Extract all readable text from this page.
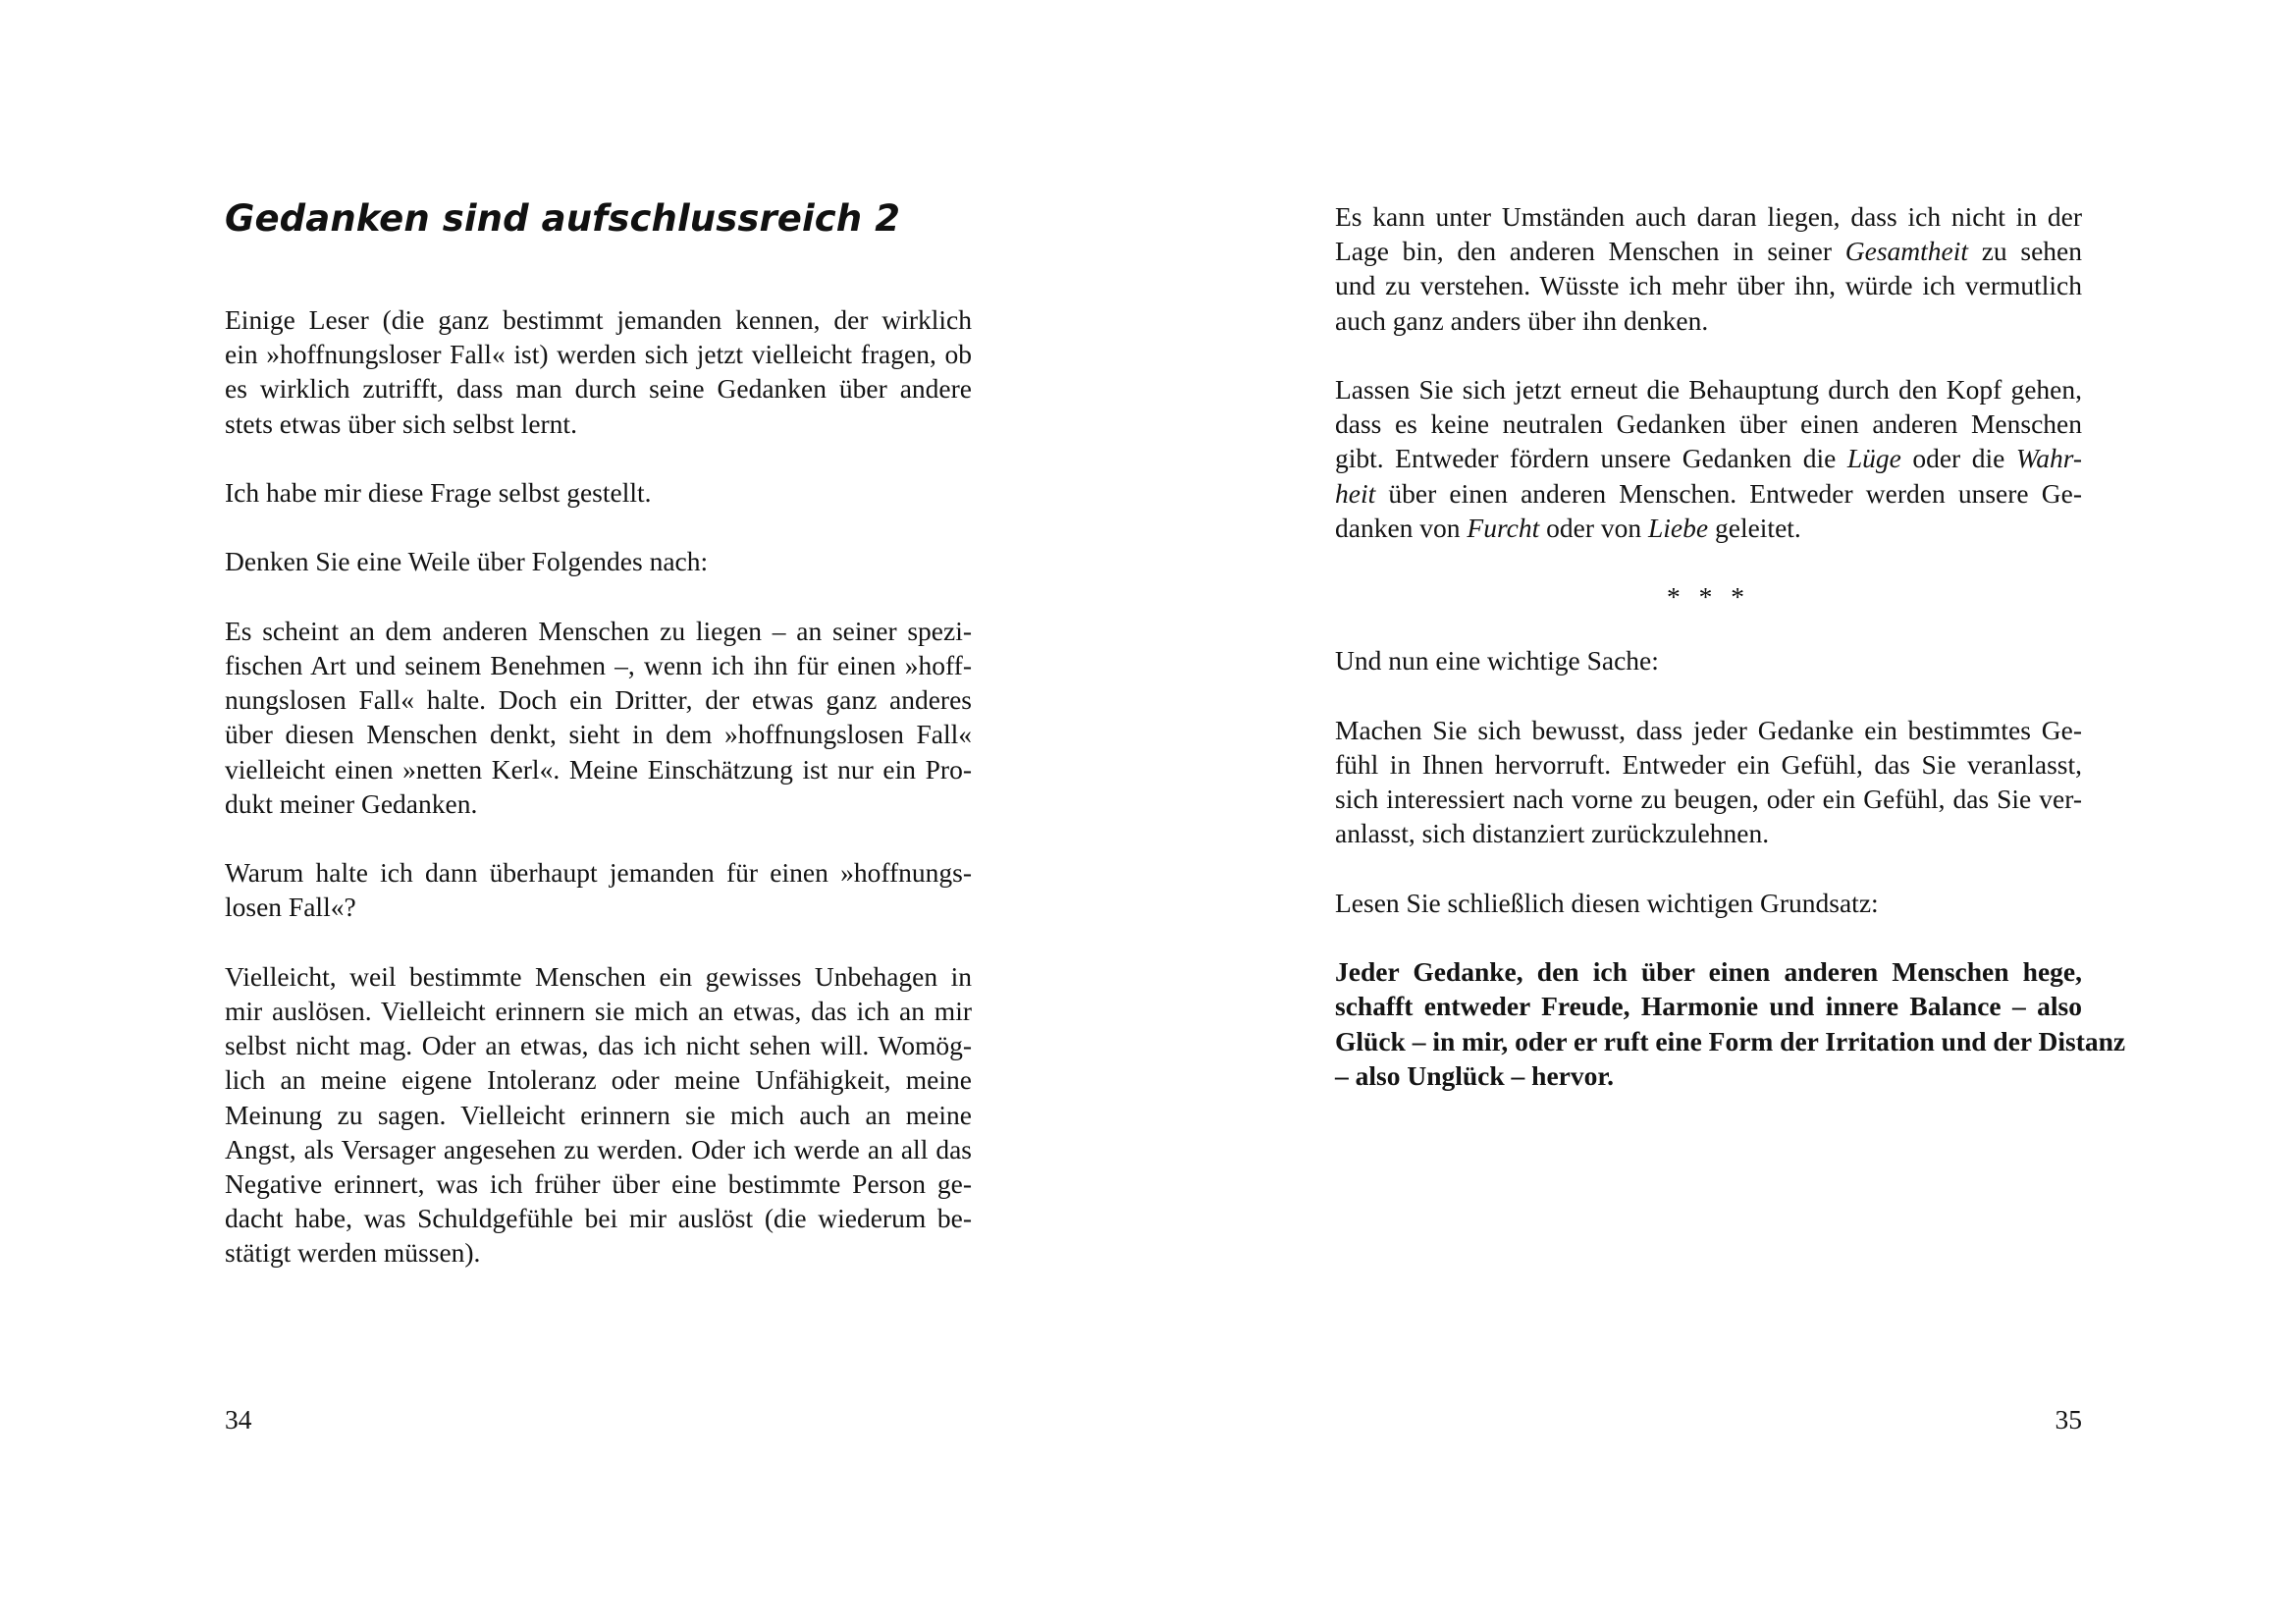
Gedanken sind aufschlussreich 2

Einige Leser (die ganz bestimmt jemanden kennen, der wirklich
ein »hoffnungsloser Fall« ist) werden sich jetzt vielleicht fragen, ob
es wirklich zutrifft, dass man durch seine Gedanken über andere
stets etwas über sich selbst lernt.

Ich habe mir diese Frage selbst gestellt.

Denken Sie eine Weile über Folgendes nach:

Es scheint an dem anderen Menschen zu liegen – an seiner spezi-
fischen Art und seinem Benehmen –, wenn ich ihn für einen »hoff-
nungslosen Fall« halte. Doch ein Dritter, der etwas ganz anderes
über diesen Menschen denkt, sieht in dem »hoffnungslosen Fall«
vielleicht einen »netten Kerl«. Meine Einschätzung ist nur ein Pro-
dukt meiner Gedanken.

Warum halte ich dann überhaupt jemanden für einen »hoffnungs-
losen Fall«?

Vielleicht, weil bestimmte Menschen ein gewisses Unbehagen in
mir auslösen. Vielleicht erinnern sie mich an etwas, das ich an mir
selbst nicht mag. Oder an etwas, das ich nicht sehen will. Womög-
lich an meine eigene Intoleranz oder meine Unfähigkeit, meine
Meinung zu sagen. Vielleicht erinnern sie mich auch an meine
Angst, als Versager angesehen zu werden. Oder ich werde an all das
Negative erinnert, was ich früher über eine bestimmte Person ge-
dacht habe, was Schuldgefühle bei mir auslöst (die wiederum be-
stätigt werden müssen).

34

Es kann unter Umständen auch daran liegen, dass ich nicht in der
Lage bin, den anderen Menschen in seiner Gesamtheit zu sehen
und zu verstehen. Wüsste ich mehr über ihn, würde ich vermutlich
auch ganz anders über ihn denken.

Lassen Sie sich jetzt erneut die Behauptung durch den Kopf gehen,
dass es keine neutralen Gedanken über einen anderen Menschen
gibt. Entweder fördern unsere Gedanken die Lüge oder die Wahr-
heit über einen anderen Menschen. Entweder werden unsere Ge-
danken von Furcht oder von Liebe geleitet.

* * *

Und nun eine wichtige Sache:

Machen Sie sich bewusst, dass jeder Gedanke ein bestimmtes Ge-
fühl in Ihnen hervorruft. Entweder ein Gefühl, das Sie veranlasst,
sich interessiert nach vorne zu beugen, oder ein Gefühl, das Sie ver-
anlasst, sich distanziert zurückzulehnen.

Lesen Sie schließlich diesen wichtigen Grundsatz:

Jeder Gedanke, den ich über einen anderen Menschen hege,
schafft entweder Freude, Harmonie und innere Balance – also
Glück – in mir, oder er ruft eine Form der Irritation und der Distanz
– also Unglück – hervor.

35
